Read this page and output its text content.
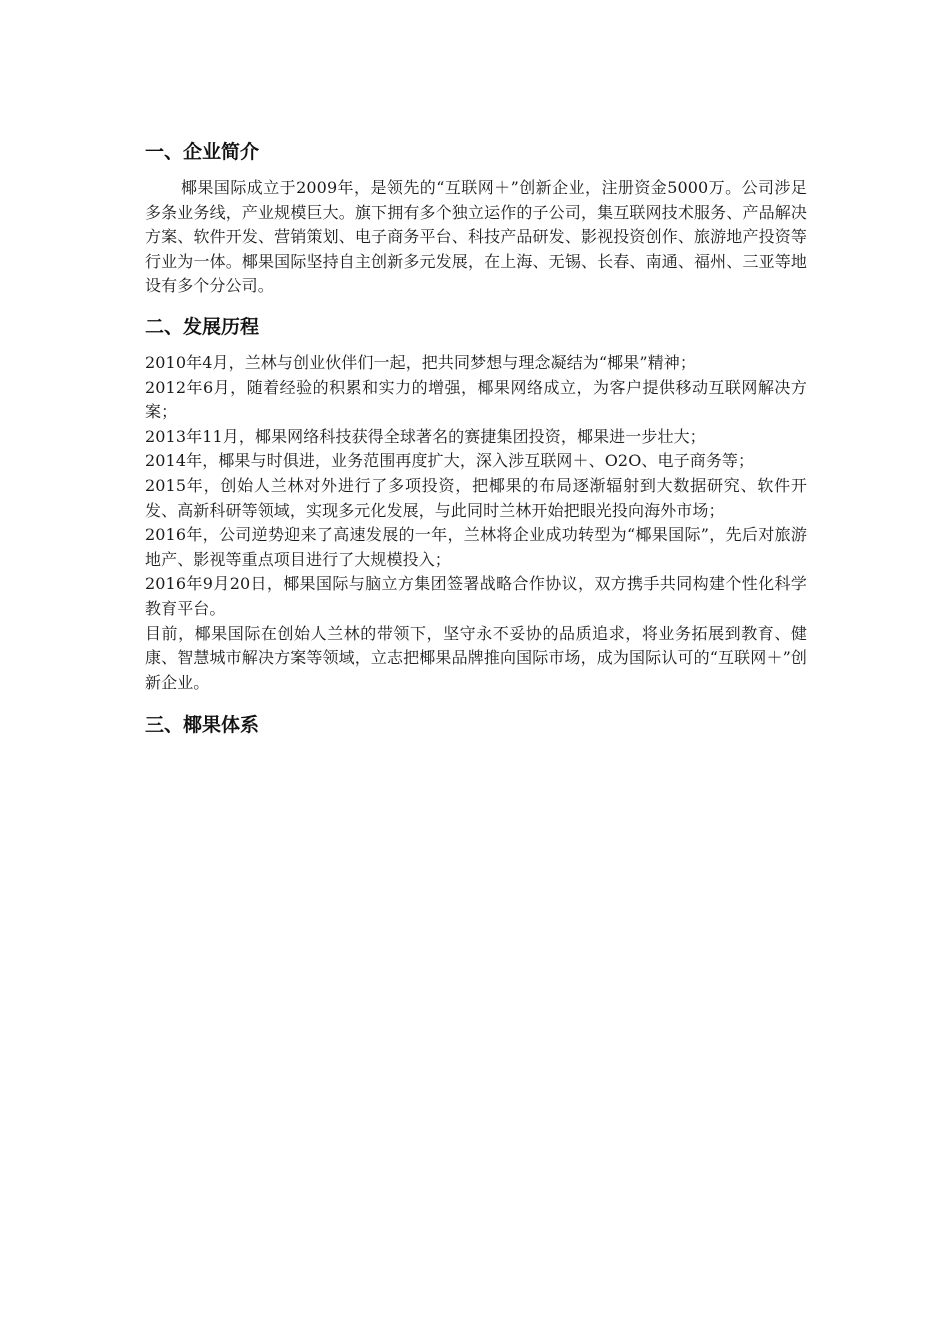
一、企业简介

椰果国际成立于2009年，是领先的“互联网＋”创新企业，注册资金5000万。公司涉足多条业务线，产业规模巨大。旗下拥有多个独立运作的子公司，集互联网技术服务、产品解决方案、软件开发、营销策划、电子商务平台、科技产品研发、影视投资创作、旅游地产投资等行业为一体。椰果国际坚持自主创新多元发展，在上海、无锡、长春、南通、福州、三亚等地设有多个分公司。

二、发展历程
2010年4月，兰林与创业伙伴们一起，把共同梦想与理念凝结为“椰果”精神；
2012年6月，随着经验的积累和实力的增强，椰果网络成立，为客户提供移动互联网解决方案；
2013年11月，椰果网络科技获得全球著名的赛捷集团投资，椰果进一步壮大；
2014年，椰果与时俱进，业务范围再度扩大，深入涉互联网＋、O2O、电子商务等；
2015年，创始人兰林对外进行了多项投资，把椰果的布局逐渐辐射到大数据研究、软件开发、高新科研等领域，实现多元化发展，与此同时兰林开始把眼光投向海外市场；
2016年，公司逆势迎来了高速发展的一年，兰林将企业成功转型为“椰果国际”，先后对旅游地产、影视等重点项目进行了大规模投入；
2016年9月20日，椰果国际与脑立方集团签署战略合作协议，双方携手共同构建个性化科学教育平台。
目前，椰果国际在创始人兰林的带领下，坚守永不妥协的品质追求，将业务拓展到教育、健康、智慧城市解决方案等领域，立志把椰果品牌推向国际市场，成为国际认可的“互联网＋”创新企业。
三、椰果体系
